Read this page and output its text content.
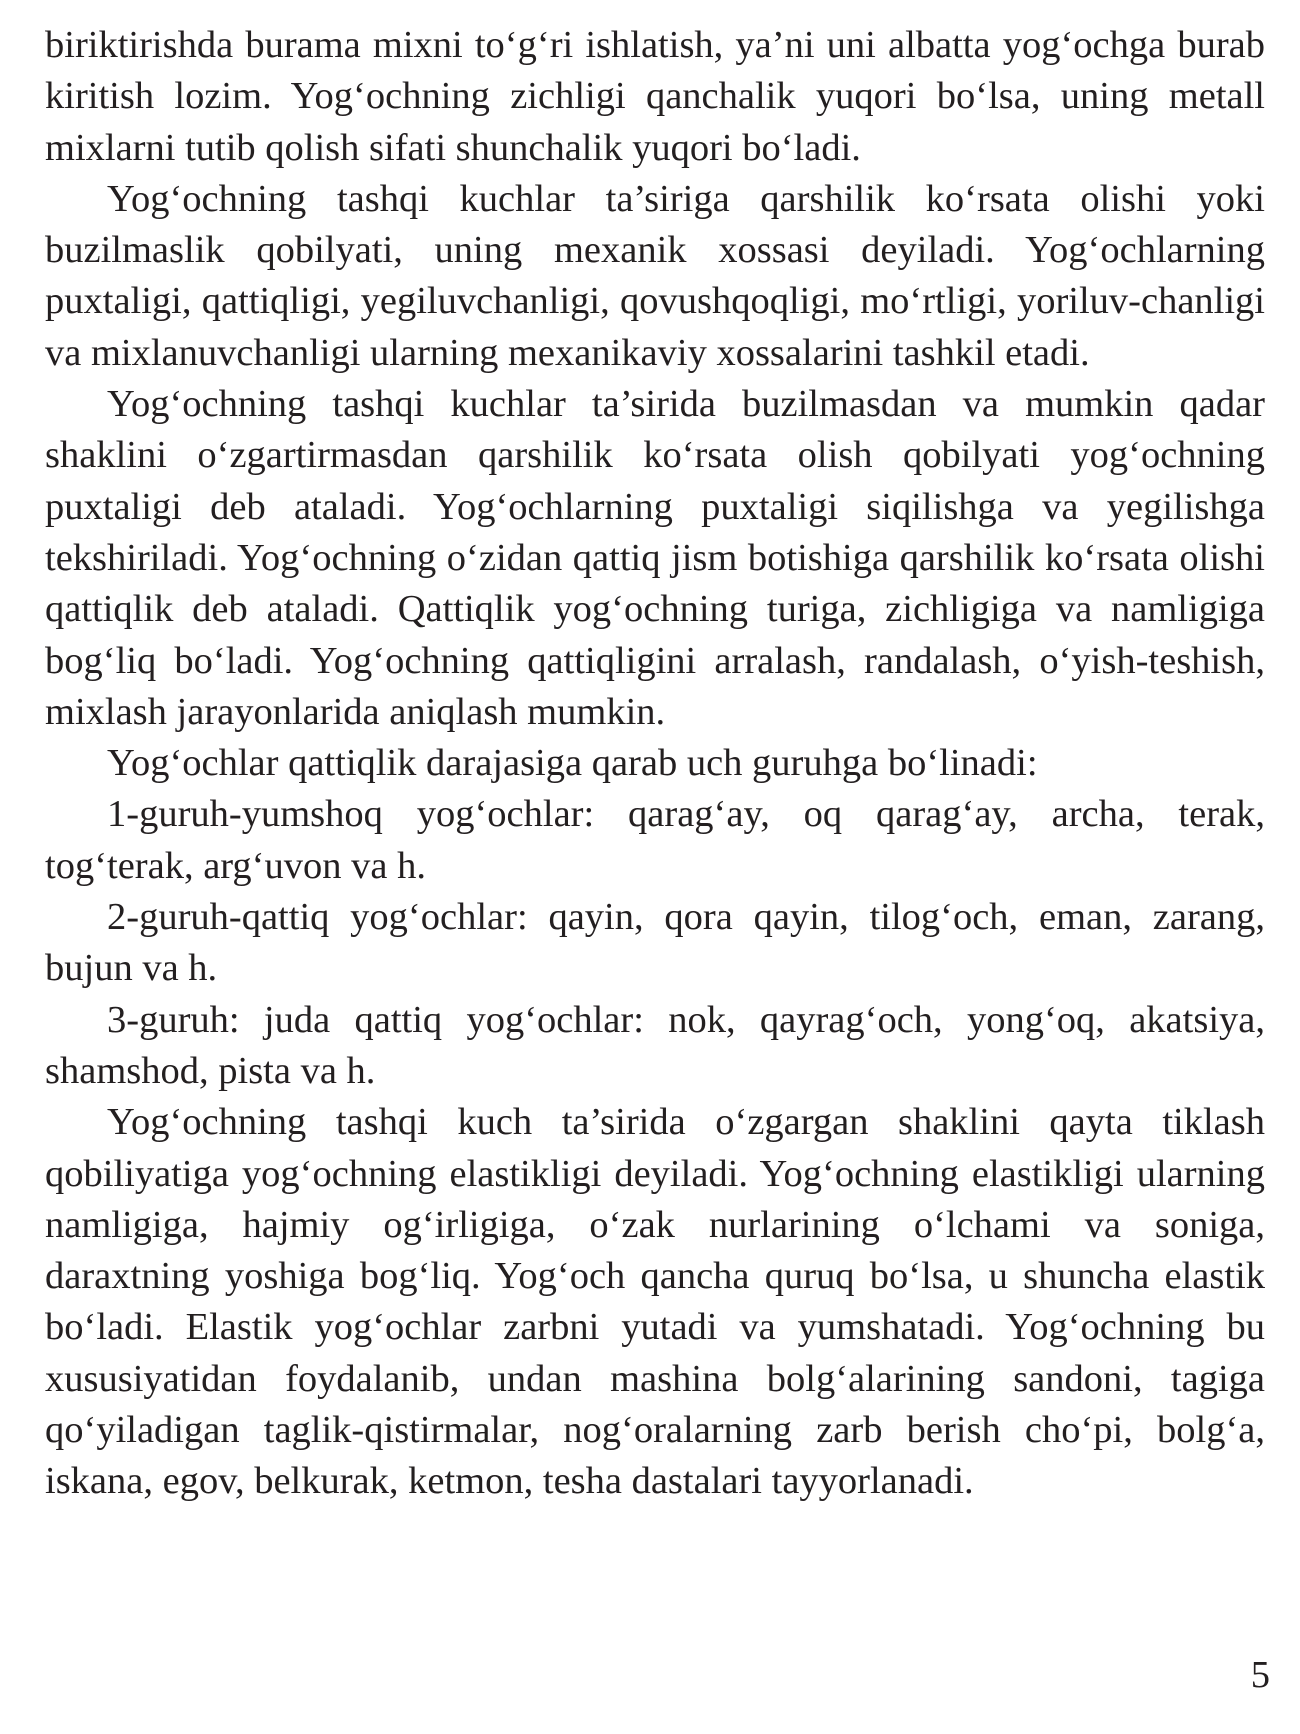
biriktirishda burama mixni to‘g‘ri ishlatish, ya’ni uni albatta yog‘ochga burab kiritish lozim. Yog‘ochning zichligi qanchalik yuqori bo‘lsa, uning metall mixlarni tutib qolish sifati shunchalik yuqori bo‘ladi.

Yog‘ochning tashqi kuchlar ta’siriga qarshilik ko‘rsata olishi yoki buzilmaslik qobilyati, uning mexanik xossasi deyiladi. Yog‘ochlarning puxtaligi, qattiqligi, yegiluvchanligi, qovushqoqligi, mo‘rtligi, yoriluv-chanligi va mixlanuvchanligi ularning mexanikaviy xossalarini tashkil etadi.

Yog‘ochning tashqi kuchlar ta’sirida buzilmasdan va mumkin qadar shaklini o‘zgartirmasdan qarshilik ko‘rsata olish qobilyati yog‘ochning puxtaligi deb ataladi. Yog‘ochlarning puxtaligi siqilishga va yegilishga tekshiriladi. Yog‘ochning o‘zidan qattiq jism botishiga qarshilik ko‘rsata olishi qattiqlik deb ataladi. Qattiqlik yog‘ochning turiga, zichligiga va namligiga bog‘liq bo‘ladi. Yog‘ochning qattiqligini arralash, randalash, o‘yish-teshish, mixlash jarayonlarida aniqlash mumkin.

Yog‘ochlar qattiqlik darajasiga qarab uch guruhga bo‘linadi:

1-guruh-yumshoq yog‘ochlar: qarag‘ay, oq qarag‘ay, archa, terak, tog‘terak, arg‘uvon va h.

2-guruh-qattiq yog‘ochlar: qayin, qora qayin, tilog‘och, eman, zarang, bujun va h.

3-guruh: juda qattiq yog‘ochlar: nok, qayrag‘och, yong‘oq, akatsiya, shamshod, pista va h.

Yog‘ochning tashqi kuch ta’sirida o‘zgargan shaklini qayta tiklash qobiliyatiga yog‘ochning elastikligi deyiladi. Yog‘ochning elastikligi ularning namligiga, hajmiy og‘irligiga, o‘zak nurlarining o‘lchami va soniga, daraxtning yoshiga bog‘liq. Yog‘och qancha quruq bo‘lsa, u shuncha elastik bo‘ladi. Elastik yog‘ochlar zarbni yutadi va yumshatadi. Yog‘ochning bu xususiyatidan foydalanib, undan mashina bolg‘alarining sandoni, tagiga qo‘yiladigan taglik-qistirmalar, nog‘oralarning zarb berish cho‘pi, bolg‘a, iskana, egov, belkurak, ketmon, tesha dastalari tayyorlanadi.

5
